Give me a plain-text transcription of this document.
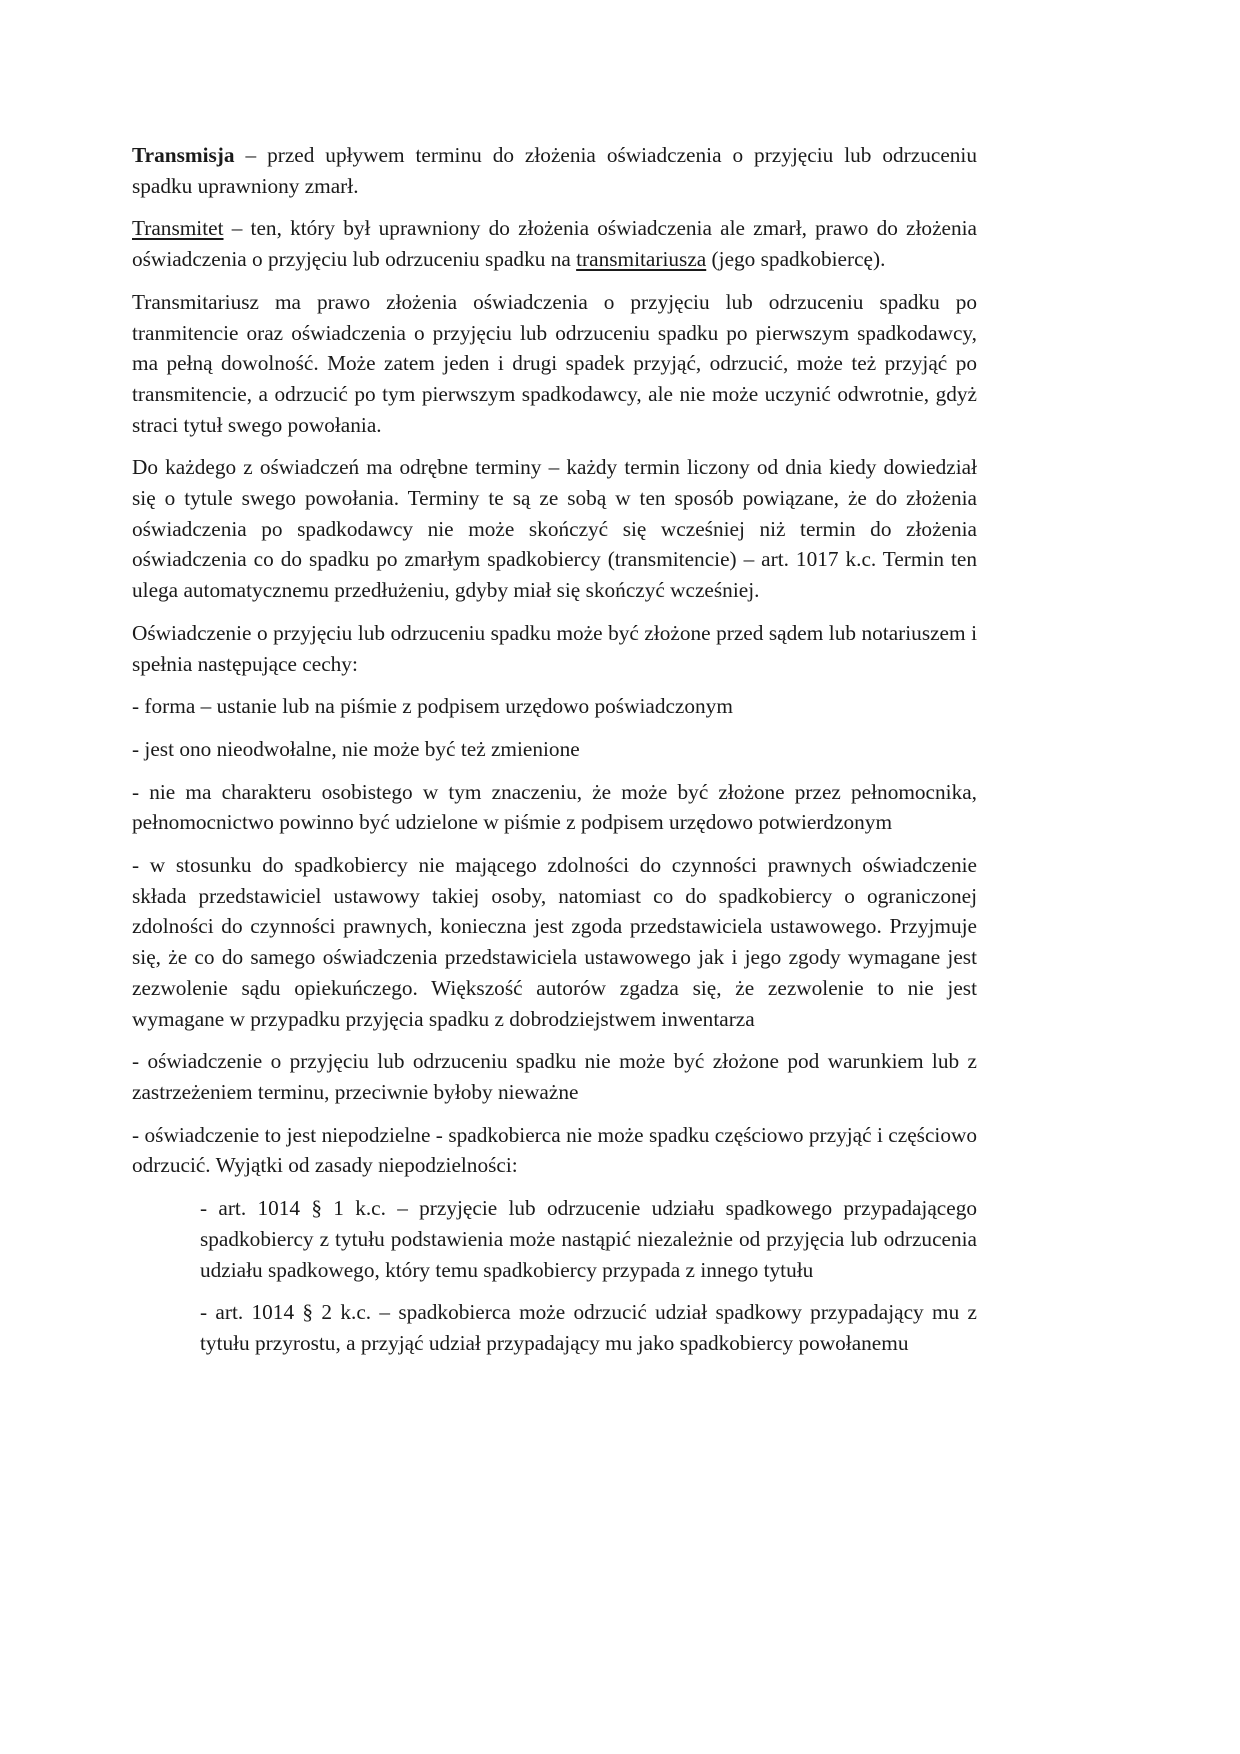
Transmisja – przed upływem terminu do złożenia oświadczenia o przyjęciu lub odrzuceniu spadku uprawniony zmarł.

Transmitet – ten, który był uprawniony do złożenia oświadczenia ale zmarł, prawo do złożenia oświadczenia o przyjęciu lub odrzuceniu spadku na transmitariusza (jego spadkobiercę).

Transmitariusz ma prawo złożenia oświadczenia o przyjęciu lub odrzuceniu spadku po tranmitencie oraz oświadczenia o przyjęciu lub odrzuceniu spadku po pierwszym spadkodawcy, ma pełną dowolność. Może zatem jeden i drugi spadek przyjąć, odrzucić, może też przyjąć po transmitencie, a odrzucić po tym pierwszym spadkodawcy, ale nie może uczynić odwrotnie, gdyż straci tytuł swego powołania.

Do każdego z oświadczeń ma odrębne terminy – każdy termin liczony od dnia kiedy dowiedział się o tytule swego powołania. Terminy te są ze sobą w ten sposób powiązane, że do złożenia oświadczenia po spadkodawcy nie może skończyć się wcześniej niż termin do złożenia oświadczenia co do spadku po zmarłym spadkobiercy (transmitencie) – art. 1017 k.c. Termin ten ulega automatycznemu przedłużeniu, gdyby miał się skończyć wcześniej.

Oświadczenie o przyjęciu lub odrzuceniu spadku może być złożone przed sądem lub notariuszem i spełnia następujące cechy:

- forma – ustanie lub na piśmie z podpisem urzędowo poświadczonym

- jest ono nieodwołalne, nie może być też zmienione

- nie ma charakteru osobistego w tym znaczeniu, że może być złożone przez pełnomocnika, pełnomocnictwo powinno być udzielone w piśmie z podpisem urzędowo potwierdzonym

- w stosunku do spadkobiercy nie mającego zdolności do czynności prawnych oświadczenie składa przedstawiciel ustawowy takiej osoby, natomiast co do spadkobiercy o ograniczonej zdolności do czynności prawnych, konieczna jest zgoda przedstawiciela ustawowego. Przyjmuje się, że co do samego oświadczenia przedstawiciela ustawowego jak i jego zgody wymagane jest zezwolenie sądu opiekuńczego. Większość autorów zgadza się, że zezwolenie to nie jest wymagane w przypadku przyjęcia spadku z dobrodziejstwem inwentarza

- oświadczenie o przyjęciu lub odrzuceniu spadku nie może być złożone pod warunkiem lub z zastrzeżeniem terminu, przeciwnie byłoby nieważne

- oświadczenie to jest niepodzielne - spadkobierca nie może spadku częściowo przyjąć i częściowo odrzucić. Wyjątki od zasady niepodzielności:

- art. 1014 § 1 k.c. – przyjęcie lub odrzucenie udziału spadkowego przypadającego spadkobiercy z tytułu podstawienia może nastąpić niezależnie od przyjęcia lub odrzucenia udziału spadkowego, który temu spadkobiercy przypada z innego tytułu

- art. 1014 § 2 k.c. – spadkobierca może odrzucić udział spadkowy przypadający mu z tytułu przyrostu, a przyjąć udział przypadający mu jako spadkobiercy powołanemu
